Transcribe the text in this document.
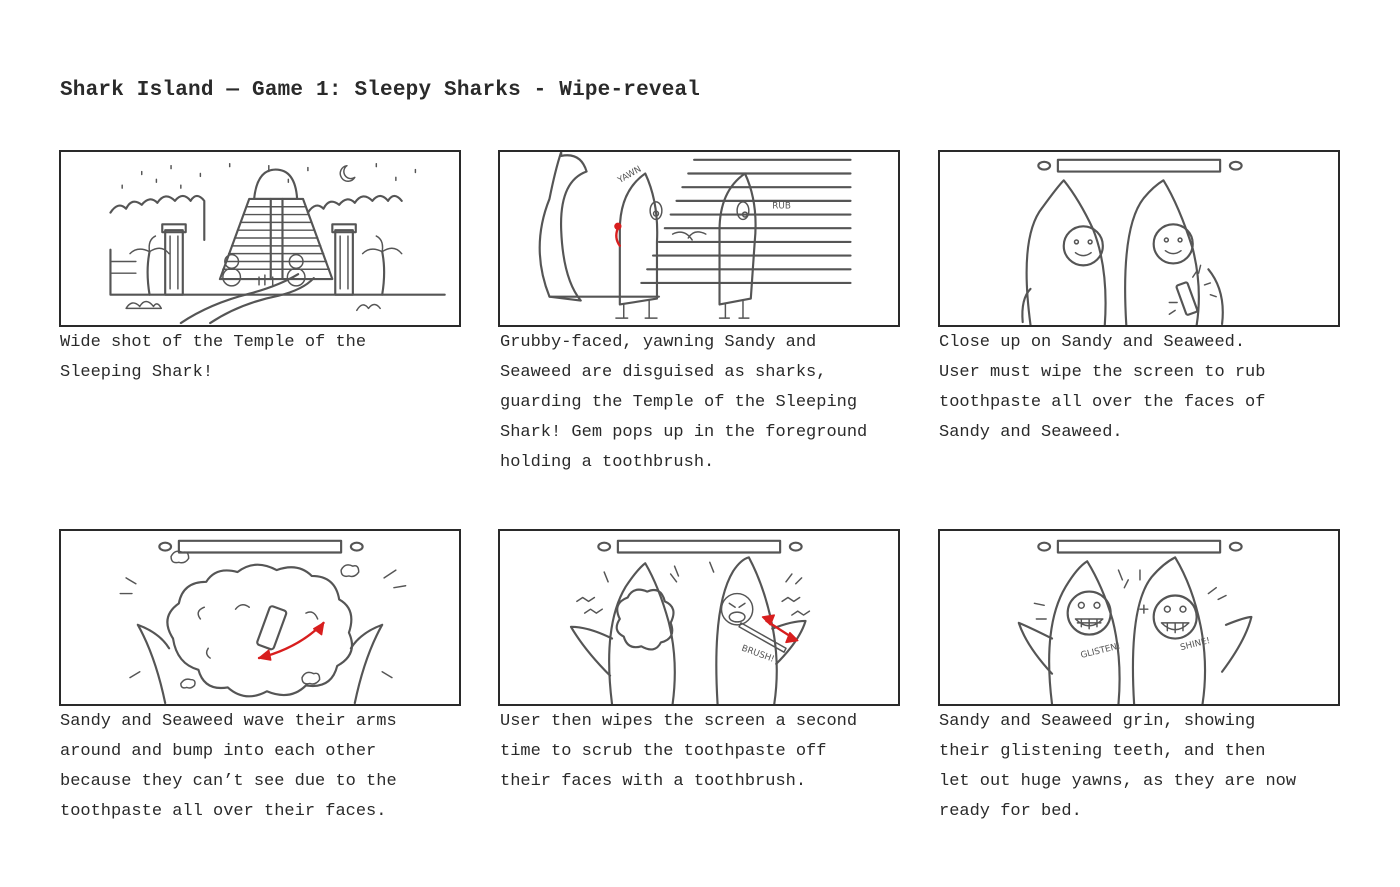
Shark Island — Game 1: Sleepy Sharks - Wipe-reveal
Wide shot of the Temple of the
Sleeping Shark!
YAWN
RUB
Grubby-faced, yawning Sandy and
Seaweed are disguised as sharks,
guarding the Temple of the Sleeping
Shark! Gem pops up in the foreground
holding a toothbrush.
Close up on Sandy and Seaweed.
User must wipe the screen to rub
toothpaste all over the faces of
Sandy and Seaweed.
Sandy and Seaweed wave their arms
around and bump into each other
because they can’t see due to the
toothpaste all over their faces.
BRUSH!
User then wipes the screen a second
time to scrub the toothpaste off
their faces with a toothbrush.
GLISTEN!	SHINE!
Sandy and Seaweed grin, showing
their glistening teeth, and then
let out huge yawns, as they are now
ready for bed.
